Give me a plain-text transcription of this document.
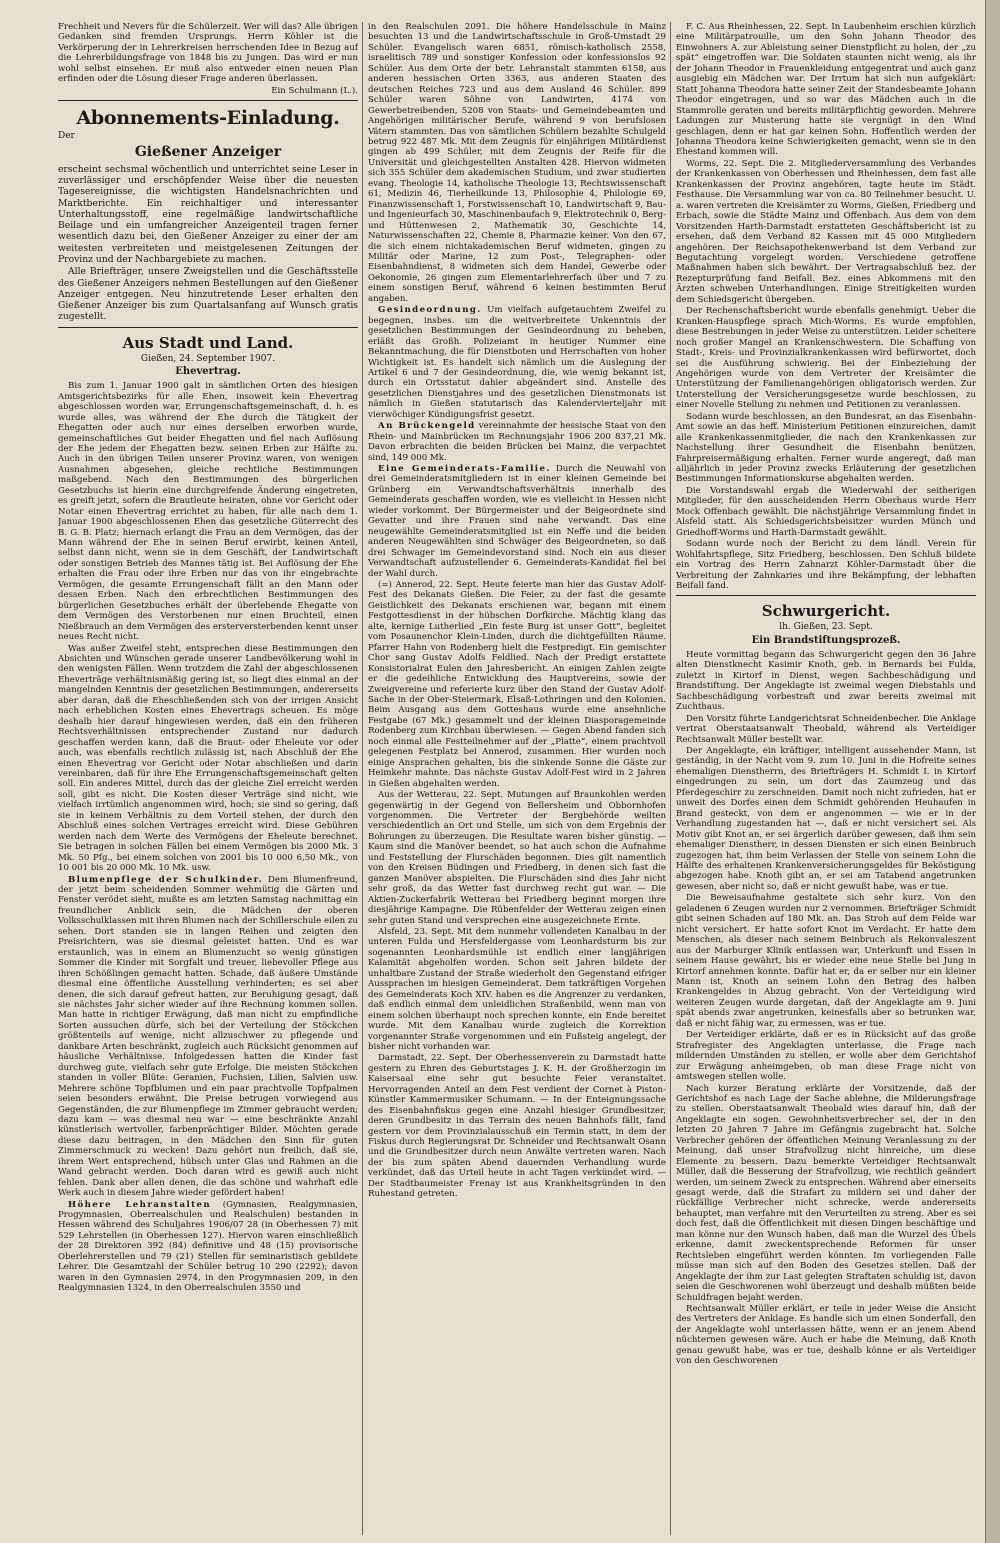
Frechheit und Nevers für die Schülerzeit. Wer will das? Alle übrigen Gedanken sind fremden Ursprungs. Herrn Köhler ist die Verkörperung der in Lehrerkreisen herrschenden Idee in Bezug auf die Lehrerbildungsfrage von 1848 bis zu Jungen. Das wird er nun wohl selbst einsehen. Er muß also entweder einen neuen Plan erfinden oder die Lösung dieser Frage anderen überlassen.

Ein Schulmann (L.).
Abonnements-Einladung.

Der

Gießener Anzeiger

erscheint sechsmal wöchentlich und unterrichtet seine Leser in zuverlässiger und erschöpfender Weise über die neuesten Tagesereignisse, die wichtigsten Handelsnachrichten und Marktberichte. Ein reichhaltiger und interessanter Unterhaltungsstoff, eine regelmäßige landwirtschaftliche Beilage und ein umfangreicher Anzeigenteil tragen ferner wesentlich dazu bei, den Gießener Anzeiger zu einer der am weitesten verbreiteten und meistgelesenen Zeitungen der Provinz und der Nachbargebiete zu machen.

Alle Briefträger, unsere Zweigstellen und die Geschäftsstelle des Gießener Anzeigers nehmen Bestellungen auf den Gießener Anzeiger entgegen. Neu hinzutretende Leser erhalten den Gießener Anzeiger bis zum Quartalsanfang auf Wunsch gratis zugestellt.

Aus Stadt und Land.
Gießen, 24. September 1907.
Ehevertrag.

Bis zum 1. Januar 1900 galt in sämtlichen Orten des hiesigen Amtsgerichtsbezirks für alle Ehen, insoweit kein Ehevertrag abgeschlossen worden war, Errungenschaftsgemeinschaft, d. h. es wurde alles, was während der Ehe durch die Tätigkeit der Ehegatten oder auch nur eines derselben erworben wurde, gemeinschaftliches Gut beider Ehegatten und fiel nach Auflösung der Ehe jedem der Ehegatten bezw. seinen Erben zur Hälfte zu. Auch in den übrigen Teilen unserer Provinz waren, von wenigen Ausnahmen abgesehen, gleiche rechtliche Bestimmungen maßgebend. Nach den Bestimmungen des bürgerlichen Gesetzbuchs ist hierin eine durchgreifende Änderung eingetreten, es greift jetzt, sofern die Brautleute heiraten, ohne vor Gericht oder Notar einen Ehevertrag errichtet zu haben, für alle nach dem 1. Januar 1900 abgeschlossenen Ehen das gesetzliche Güterrecht des B. G. B. Platz; hiernach erlangt die Frau an dem Vermögen, das der Mann während der Ehe in seinen Beruf erwirbt, keinen Anteil, selbst dann nicht, wenn sie in dem Geschäft, der Landwirtschaft oder sonstigen Betrieb des Mannes tätig ist. Bei Auflösung der Ehe erhalten die Frau oder ihre Erben nur das von ihr eingebrachte Vermögen, die gesamte Errungenschaft fällt an den Mann oder dessen Erben. Nach den erbrechtlichen Bestimmungen des bürgerlichen Gesetzbuches erhält der überlebende Ehegatte von dem Vermögen des Verstorbenen nur einen Bruchteil, einen Nießbrauch an dem Vermögen des ersterversterbenden kennt unser neues Recht nicht.

Was außer Zweifel steht, entsprechen diese Bestimmungen den Absichten und Wünschen gerade unserer Landbevölkerung wohl in den wenigsten Fällen. Wenn trotzdem die Zahl der abgeschlossenen Eheverträge verhältnismäßig gering ist, so liegt dies einmal an der mangelnden Kenntnis der gesetzlichen Bestimmungen, andererseits aber daran, daß die Eheschließenden sich von der irrigen Ansicht nach erheblichen Kosten eines Ehevertrags scheuen. Es möge deshalb hier darauf hingewiesen werden, daß ein den früheren Rechtsverhältnissen entsprechender Zustand nur dadurch geschaffen werden kann, daß die Braut- oder Eheleute vor oder auch, was ebenfalls rechtlich zulässig ist, nach Abschluß der Ehe einen Ehevertrag vor Gericht oder Notar abschließen und darin vereinbaren, daß für ihre Ehe Errungenschaftsgemeinschaft gelten soll. Ein anderes Mittel, durch das der gleiche Ziel erreicht werden soll, gibt es nicht. Die Kosten dieser Verträge sind nicht, wie vielfach irrtümlich angenommen wird, hoch; sie sind so gering, daß sie in keinem Verhältnis zu dem Vorteil stehen, der durch den Abschluß eines solchen Vertrages erreicht wird. Diese Gebühren werden nach dem Werte des Vermögens der Eheleute berechnet. Sie betragen in solchen Fällen bei einem Vermögen bis 2000 Mk. 3 Mk. 50 Pfg., bei einem solchen von 2001 bis 10 000 6,50 Mk., von 10 001 bis 20 000 Mk. 10 Mk. usw.

Blumenpflege der Schulkinder. Dem Blumenfreund, der jetzt beim scheidenden Sommer wehmütig die Gärten und Fenster verödet sieht, mußte es am letzten Samstag nachmittag ein freundlicher Anblick sein, die Mädchen der oberen Volksschulklassen mit ihren Blumen nach der Schillerschule eilen zu sehen. Dort standen sie in langen Reihen und zeigten den Preisrichtern, was sie diesmal geleistet hatten. Und es war erstaunlich, was in einem an Blumenzucht so wenig günstigen Sommer die Kinder mit Sorgfalt und treuer, liebevoller Pflege aus ihren Schößlingen gemacht hatten. Schade, daß äußere Umstände diesmal eine öffentliche Ausstellung verhinderten; es sei aber denen, die sich darauf gefreut hatten, zur Beruhigung gesagt, daß sie nächstes Jahr sicher wieder auf ihre Rechnung kommen sollen. Man hatte in richtiger Erwägung, daß man nicht zu empfindliche Sorten aussuchen dürfe, sich bei der Verteilung der Stöckchen größtenteils auf wenige, nicht allzuschwer zu pflegende und dankbare Arten beschränkt, zugleich auch Rücksicht genommen auf häusliche Verhältnisse. Infolgedessen hatten die Kinder fast durchweg gute, vielfach sehr gute Erfolge. Die meisten Stöckchen standen in voller Blüte: Geranien, Fuchsien, Lilien, Salvien usw. Mehrere schöne Topfblumen und ein paar prachtvolle Topfpalmen seien besonders erwähnt. Die Preise betrugen vorwiegend aus Gegenständen, die zur Blumenpflege im Zimmer gebraucht werden; dazu kam — was diesmal neu war — eine beschränkte Anzahl künstlerisch wertvoller, farbenprächtiger Bilder. Möchten gerade diese dazu beitragen, in den Mädchen den Sinn für guten Zimmerschmuck zu wecken! Dazu gehört nun freilich, daß sie, ihrem Wert entsprechend, hübsch unter Glas und Rahmen an die Wand gebracht werden. Doch daran wird es gewiß auch nicht fehlen. Dank aber allen denen, die das schöne und wahrhaft edle Werk auch in diesem Jahre wieder gefördert haben!

Höhere Lehranstalten (Gymnasien, Realgymnasien, Progymnasien, Oberrealschulen und Realschulen) bestanden in Hessen während des Schuljahres 1906/07 28 (in Oberhessen 7) mit 529 Lehrstellen (in Oberhessen 127). Hiervon waren einschließlich der 28 Direktoren 392 (84) definitive und 48 (15) provisorische Oberlehrerstellen und 79 (21) Stellen für seminaristisch gebildete Lehrer. Die Gesamtzahl der Schüler betrug 10 290 (2292); davon waren in den Gymnasien 2974, in den Progymnasien 209, in den Realgymnasien 1324, in den Oberrealschulen 3550 und

in den Realschulen 2091. Die höhere Handelsschule in Mainz besuchten 13 und die Landwirtschaftsschule in Groß-Umstadt 29 Schüler. Evangelisch waren 6851, römisch-katholisch 2558, israelitisch 789 und sonstiger Konfession oder konfessionslos 92 Schüler. Aus dem Orte der betr. Lehranstalt stammten 6158, aus anderen hessischen Orten 3363, aus anderen Staaten des deutschen Reiches 723 und aus dem Ausland 46 Schüler. 899 Schüler waren Söhne von Landwirten, 4174 von Gewerbetreibenden, 5208 von Staats- und Gemeindebeamten und Angehörigen militärischer Berufe, während 9 von berufslosen Vätern stammten. Das von sämtlichen Schülern bezahlte Schulgeld betrug 922 487 Mk. Mit dem Zeugnis für einjährigen Militärdienst gingen ab 499 Schüler, mit dem Zeugnis der Reife für die Universität und gleichgestellten Anstalten 428. Hiervon widmeten sich 355 Schüler dem akademischen Studium, und zwar studierten evang. Theologie 14, katholische Theologie 13, Rechtswissenschaft 61, Medizin 46, Tierheilkunde 13, Philosophie 4, Philologie 69, Finanzwissenschaft 1, Forstwissenschaft 10, Landwirtschaft 9, Bau- und Ingenieurfach 30, Maschinenbaufach 9, Elektrotechnik 0, Berg- und Hüttenwesen 2, Mathematik 30, Geschichte 14, Naturwissenschaften 22, Chemie 8, Pharmazie keiner. Von den 67, die sich einem nichtakademischen Beruf widmeten, gingen zu Militär oder Marine, 12 zum Post-, Telegraphen- oder Eisenbahndienst, 8 widmeten sich dem Handel, Gewerbe oder Oekonomie, 26 gingen zum Elementarlehrerfach über und 7 zu einem sonstigen Beruf, während 6 keinen bestimmten Beruf angaben.

Gesindeordnung. Um vielfach aufgetauchtem Zweifel zu begegnen, insbes. um die weitverbreitete Unkenntnis der gesetzlichen Bestimmungen der Gesindeordnung zu beheben, erläßt das Großh. Polizeiamt in heutiger Nummer eine Bekanntmachung, die für Dienstboten und Herrschaften von hoher Wichtigkeit ist. Es handelt sich nämlich um die Auslegung der Artikel 6 und 7 der Gesindeordnung, die, wie wenig bekannt ist, durch ein Ortsstatut dahier abgeändert sind. Anstelle des gesetzlichen Dienstjahres und des gesetzlichen Dienstmonats ist nämlich in Gießen statutarisch das Kalendervierteljahr mit vierwöchiger Kündigungsfrist gesetzt.

An Brückengeld vereinnahmte der hessische Staat von den Rhein- und Mainbrücken im Rechnungsjahr 1906 200 837,21 Mk. Davon erbrachten die beiden Brücken bei Mainz, die verpachtet sind, 149 000 Mk.

Eine Gemeinderats-Familie. Durch die Neuwahl von drei Gemeinderatsmitgliedern ist in einer kleinen Gemeinde bei Grünberg ein Verwandtschaftsverhältnis innerhalb des Gemeinderats geschaffen worden, wie es vielleicht in Hessen nicht wieder vorkommt. Der Bürgermeister und der Beigeordnete sind Gevatter und ihre Frauen sind nahe verwandt. Das eine neugewählte Gemeinderatsmitglied ist ein Neffe und die beiden anderen Neugewählten sind Schwäger des Beigeordneten, so daß drei Schwager im Gemeindevorstand sind. Noch ein aus dieser Verwandtschaft aufzustellender 6. Gemeinderats-Kandidat fiel bei der Wahl durch.

(=) Annerod, 22. Sept. Heute feierte man hier das Gustav Adolf-Fest des Dekanats Gießen. Die Feier, zu der fast die gesamte Geistlichkeit des Dekanats erschienen war, begann mit einem Festgottesdienst in der hübschen Dorfkirche. Mächtig klang das alte, kernige Lutherlied „Ein feste Burg ist unser Gott“, begleitet vom Posaunenchor Klein-Linden, durch die dichtgefüllten Räume. Pfarrer Hahn von Rodenberg hielt die Festpredigt. Ein gemischter Chor sang Gustav Adolfs Feldlied. Nach der Predigt erstattete Konsistorialrat Eulen den Jahresbericht. An einigen Zahlen zeigte er die gedeihliche Entwicklung des Hauptvereins, sowie der Zweigvereine und referierte kurz über den Stand der Gustav Adolf-Sache in der Ober-Steiermark, Elsaß-Lothringen und den Kolonien. Beim Ausgang aus dem Gotteshaus wurde eine ansehnliche Festgabe (67 Mk.) gesammelt und der kleinen Diasporagemeinde Rodenberg zum Kirchbau überwiesen. — Gegen Abend fanden sich noch einmal alle Festteilnehmer auf der „Platte“, einem prachtvoll gelegenen Festplatz bei Annerod, zusammen. Hier wurden noch einige Ansprachen gehalten, bis die sinkende Sonne die Gäste zur Heimkehr mahnte. Das nächste Gustav Adolf-Fest wird in 2 Jahren in Gießen abgehalten werden.

Aus der Wetterau, 22. Sept. Mutungen auf Braunkohlen werden gegenwärtig in der Gegend von Bellersheim und Obbornhofen vorgenommen. Die Vertreter der Bergbehörde weilten verschiedentlich an Ort und Stelle, um sich von dem Ergebnis der Bohrungen zu überzeugen. Die Resultate waren bisher günstig. — Kaum sind die Manöver beendet, so hat auch schon die Aufnahme und Feststellung der Flurschäden begonnen. Dies gilt namentlich von den Kreisen Büdingen und Friedberg, in denen sich fast die ganzen Manöver abspielten. Die Flurschäden sind dies Jahr nicht sehr groß, da das Wetter fast durchweg recht gut war. — Die Aktien-Zuckerfabrik Wetterau bei Friedberg beginnt morgen ihre diesjährige Kampagne. Die Rübenfelder der Wetterau zeigen einen sehr guten Stand und versprechen eine ausgezeichnete Ernte.

Alsfeld, 23. Sept. Mit dem nunmehr vollendeten Kanalbau in der unteren Fulda und Hersfeldergasse vom Leonhardsturm bis zur sogenannten Leonhardsmühle ist endlich einer langjährigen Kalamität abgeholfen worden. Schon seit Jahren bildete der unhaltbare Zustand der Straße wiederholt den Gegenstand eifriger Aussprachen im hiesigen Gemeinderat. Dem tatkräftigen Vorgehen des Gemeinderats Koch XIV. haben es die Angrenzer zu verdanken, daß endlich einmal dem unleidlichen Straßenbild, wenn man von einem solchen überhaupt noch sprechen konnte, ein Ende bereitet wurde. Mit dem Kanalbau wurde zugleich die Korrektion vorgenannter Straße vorgenommen und ein Fußsteig angelegt, der bisher nicht vorhanden war.

Darmstadt, 22. Sept. Der Oberhessenverein zu Darmstadt hatte gestern zu Ehren des Geburtstages J. K. H. der Großherzogin im Kaisersaal eine sehr gut besuchte Feier veranstaltet. Hervorragenden Anteil an dem Fest verdient der Cornet à Piston-Künstler Kammermusiker Schumann. — In der Enteignungssache des Eisenbahnfiskus gegen eine Anzahl hiesiger Grundbesitzer, deren Grundbesitz in das Terrain des neuen Bahnhofs fällt, fand gestern vor dem Provinzialausschuß ein Termin statt, in dem der Fiskus durch Regierungsrat Dr. Schneider und Rechtsanwalt Osann und die Grundbesitzer durch neun Anwälte vertreten waren. Nach der bis zum späten Abend dauernden Verhandlung wurde verkündet, daß das Urteil heute in acht Tagen verkündet wird. — Der Stadtbaumeister Frenay ist aus Krankheitsgründen in den Ruhestand getreten.

F. C. Aus Rheinhessen, 22. Sept. In Laubenheim erschien kürzlich eine Militärpatrouille, um den Sohn Johann Theodor des Einwohners A. zur Ableistung seiner Dienstpflicht zu holen, der „zu spät“ eingetroffen war. Die Soldaten staunten nicht wenig, als ihr der Johann Theodor in Frauenkleidung entgegentrat und auch ganz ausgiebig ein Mädchen war. Der Irrtum hat sich nun aufgeklärt: Statt Johanna Theodora hatte seiner Zeit der Standesbeamte Johann Theodor eingetragen, und so war das Mädchen auch in die Stammrolle geraten und bereits militärpflichtig geworden. Mehrere Ladungen zur Musterung hatte sie vergnügt in den Wind geschlagen, denn er hat gar keinen Sohn. Hoffentlich werden der Johanna Theodora keine Schwierigkeiten gemacht, wenn sie in den Ehestand kommen will.

Worms, 22. Sept. Die 2. Mitgliederversammlung des Verbandes der Krankenkassen von Oberhessen und Rheinhessen, dem fast alle Krankenkassen der Provinz angehören, tagte heute im Städt. Festhause. Die Versammlung war von ca. 80 Teilnehmer besucht. U. a. waren vertreten die Kreisämter zu Worms, Gießen, Friedberg und Erbach, sowie die Städte Mainz und Offenbach. Aus dem von dem Vorsitzenden Harth-Darmstadt erstatteten Geschäftsbericht ist zu ersehen, daß dem Verband 82 Kassen mit 45 000 Mitgliedern angehören. Der Reichsapothekenwerband ist dem Verband zur Begutachtung vorgelegt worden. Verschiedene getroffene Maßnahmen haben sich bewährt. Der Vertragsabschluß bez. der Rezepturprüfung fand Beifall. Bez. eines Abkommens mit den Ärzten schweben Unterhandlungen. Einige Streitigkeiten wurden dem Schiedsgericht übergeben.

Der Rechenschaftsbericht wurde ebenfalls genehmigt. Ueber die Kranken-Hauspflege sprach Mich-Worms. Es wurde empfohlen, diese Bestrebungen in jeder Weise zu unterstützen. Leider scheitere noch großer Mangel an Krankenschwestern. Die Schaffung von Stadt-, Kreis- und Provinzialkrankenkassen wird befürwortet, doch sei die Ausführung schwierig. Bei der Einbeziehung der Angehörigen wurde von dem Vertreter der Kreisämter die Unterstützung der Familienangehörigen obligatorisch werden. Zur Unterstellung der Versicherungsgesetze wurde beschlossen, zu einer Novelle Stellung zu nehmen und Petitionen zu veranlassen.

Sodann wurde beschlossen, an den Bundesrat, an das Eisenbahn-Amt sowie an das heff. Ministerium Petitionen einzureichen, damit alle Krankenkassenmitglieder, die nach den Krankenkassen zur Nachstellung ihrer Gesundheit die Eisenbahn benützen, Fahrpreisermäßigung erhalten. Ferner wurde angeregt, daß man alljährlich in jeder Provinz zwecks Erläuterung der gesetzlichen Bestimmungen Informationskurse abgehalten werden.

Die Vorstandswahl ergab die Wiederwahl der seitherigen Mitglieder, für den ausscheidenden Herrn Oberhaus wurde Herr Mock Offenbach gewählt. Die nächstjährige Versammlung findet in Alsfeld statt. Als Schiedsgerichtsbeisitzer wurden Münch und Griedhoff-Worms und Harth-Darmstadt gewählt.

Sodann wurde noch der Bericht zu dem ländl. Verein für Wohlfahrtspflege, Sitz Friedberg, beschlossen. Den Schluß bildete ein Vortrag des Herrn Zahnarzt Köhler-Darmstadt über die Verbreitung der Zahnkaries und ihre Bekämpfung, der lebhaften Beifall fand.

Schwurgericht.
lh. Gießen, 23. Sept.
Ein Brandstiftungsprozeß.

Heute vormittag begann das Schwurgericht gegen den 36 Jahre alten Dienstknecht Kasimir Knoth, geb. in Bernards bei Fulda, zuletzt in Kirtorf in Dienst, wegen Sachbeschädigung und Brandstiftung. Der Angeklagte ist zweimal wegen Diebstahls und Sachbeschädigung vorbestraft und zwar bereits zweimal mit Zuchthaus.

Den Vorsitz führte Landgerichtsrat Schneidenbecher. Die Anklage vertrat Oberstaatsanwalt Theobald, während als Verteidiger Rechtsanwalt Müller bestellt war.

Der Angeklagte, ein kräftiger, intelligent aussehender Mann, ist geständig, in der Nacht vom 9. zum 10. Juni in die Hofreite seines ehemaligen Dienstherrn, des Briefträgers H. Schmidt I. in Kirtorf eingedrungen zu sein, um dort das Zaumzeug und das Pferdegeschirr zu zerschneiden. Damit noch nicht zufrieden, hat er unweit des Dorfes einen dem Schmidt gehörenden Heuhaufen in Brand gesteckt, von dem er angenommen — wie er in der Verhandlung zugestanden hat —, daß er nicht versichert sei. Als Motiv gibt Knot an, er sei ärgerlich darüber gewesen, daß ihm sein ehemaliger Dienstherr, in dessen Diensten er sich einen Beinbruch zugezogen hat, ihm beim Verlassen der Stelle von seinem Lohn die Hälfte des erhaltenen Krankenversicherungsgeldes für Beköstigung abgezogen habe. Knoth gibt an, er sei am Tatabend angetrunken gewesen, aber nicht so, daß er nicht gewußt habe, was er tue.

Die Beweisaufnahme gestaltete sich sehr kurz. Von den geladenen 6 Zeugen wurden nur 2 vernommen. Briefträger Schmidt gibt seinen Schaden auf 180 Mk. an. Das Stroh auf dem Felde war nicht versichert. Er hatte sofort Knot im Verdacht. Er hatte dem Menschen, als dieser nach seinem Beinbruch als Rekonvaleszent aus der Marburger Klinik entlassen war, Unterkunft und Essen in seinem Hause gewährt, bis er wieder eine neue Stelle bei Jung in Kirtorf annehmen konnte. Dafür hat er, da er selber nur ein kleiner Mann ist, Knoth an seinem Lohn den Betrag des halben Krankengeldes in Abzug gebracht. Von der Verteidigung wird weiteren Zeugen wurde dargetan, daß der Angeklagte am 9. Juni spät abends zwar angetrunken, keinesfalls aber so betrunken war, daß er nicht fähig war, zu ermessen, was er tue.

Der Verteidiger erklärte, daß er es in Rücksicht auf das große Strafregister des Angeklagten unterlasse, die Frage nach mildernden Umständen zu stellen, er wolle aber dem Gerichtshof zur Erwägung anheimgeben, ob man diese Frage nicht von amtswegen stellen wolle.

Nach kurzer Beratung erklärte der Vorsitzende, daß der Gerichtshof es nach Lage der Sache ablehne, die Milderungsfrage zu stellen. Oberstaatsanwalt Theobald wies darauf hin, daß der Angeklagte ein sogen. Gewohnheitsverbrecher sei, der in den letzten 20 Jahren 7 Jahre im Gefängnis zugebracht hat. Solche Verbrecher gehören der öffentlichen Meinung Veranlassung zu der Meinung, daß unser Strafvollzug nicht hinreiche, um diese Elemente zu bessern. Dazu bemerkte Verteidiger Rechtsanwalt Müller, daß die Besserung der Strafvollzug, wie rechtlich geändert werden, um seinem Zweck zu entsprechen. Während aber einerseits gesagt werde, daß die Strafart zu mildern sei und daher der rückfällige Verbrecher nicht schrecke, werde andererseits behauptet, man verfahre mit den Verurteilten zu streng. Aber es sei doch fest, daß die Öffentlichkeit mit diesen Dingen beschäftige und man könne nur den Wunsch haben, daß man die Wurzel des Übels erkenne, damit zweckentsprechende Reformen für unser Rechtsleben eingeführt werden könnten. Im vorliegenden Falle müsse man sich auf den Boden des Gesetzes stellen. Daß der Angeklagte der ihm zur Last gelegten Straftaten schuldig ist, davon seien die Geschworenen wohl überzeugt und deshalb müßten beide Schuldfragen bejaht werden.

Rechtsanwalt Müller erklärt, er teile in jeder Weise die Ansicht des Vertreters der Anklage. Es handle sich um einen Sonderfall, den der Angeklagte wohl unterlassen hätte, wenn er an jenem Abend nüchternen gewesen wäre. Auch er habe die Meinung, daß Knoth genau gewußt habe, was er tue, deshalb könne er als Verteidiger von den Geschworenen
